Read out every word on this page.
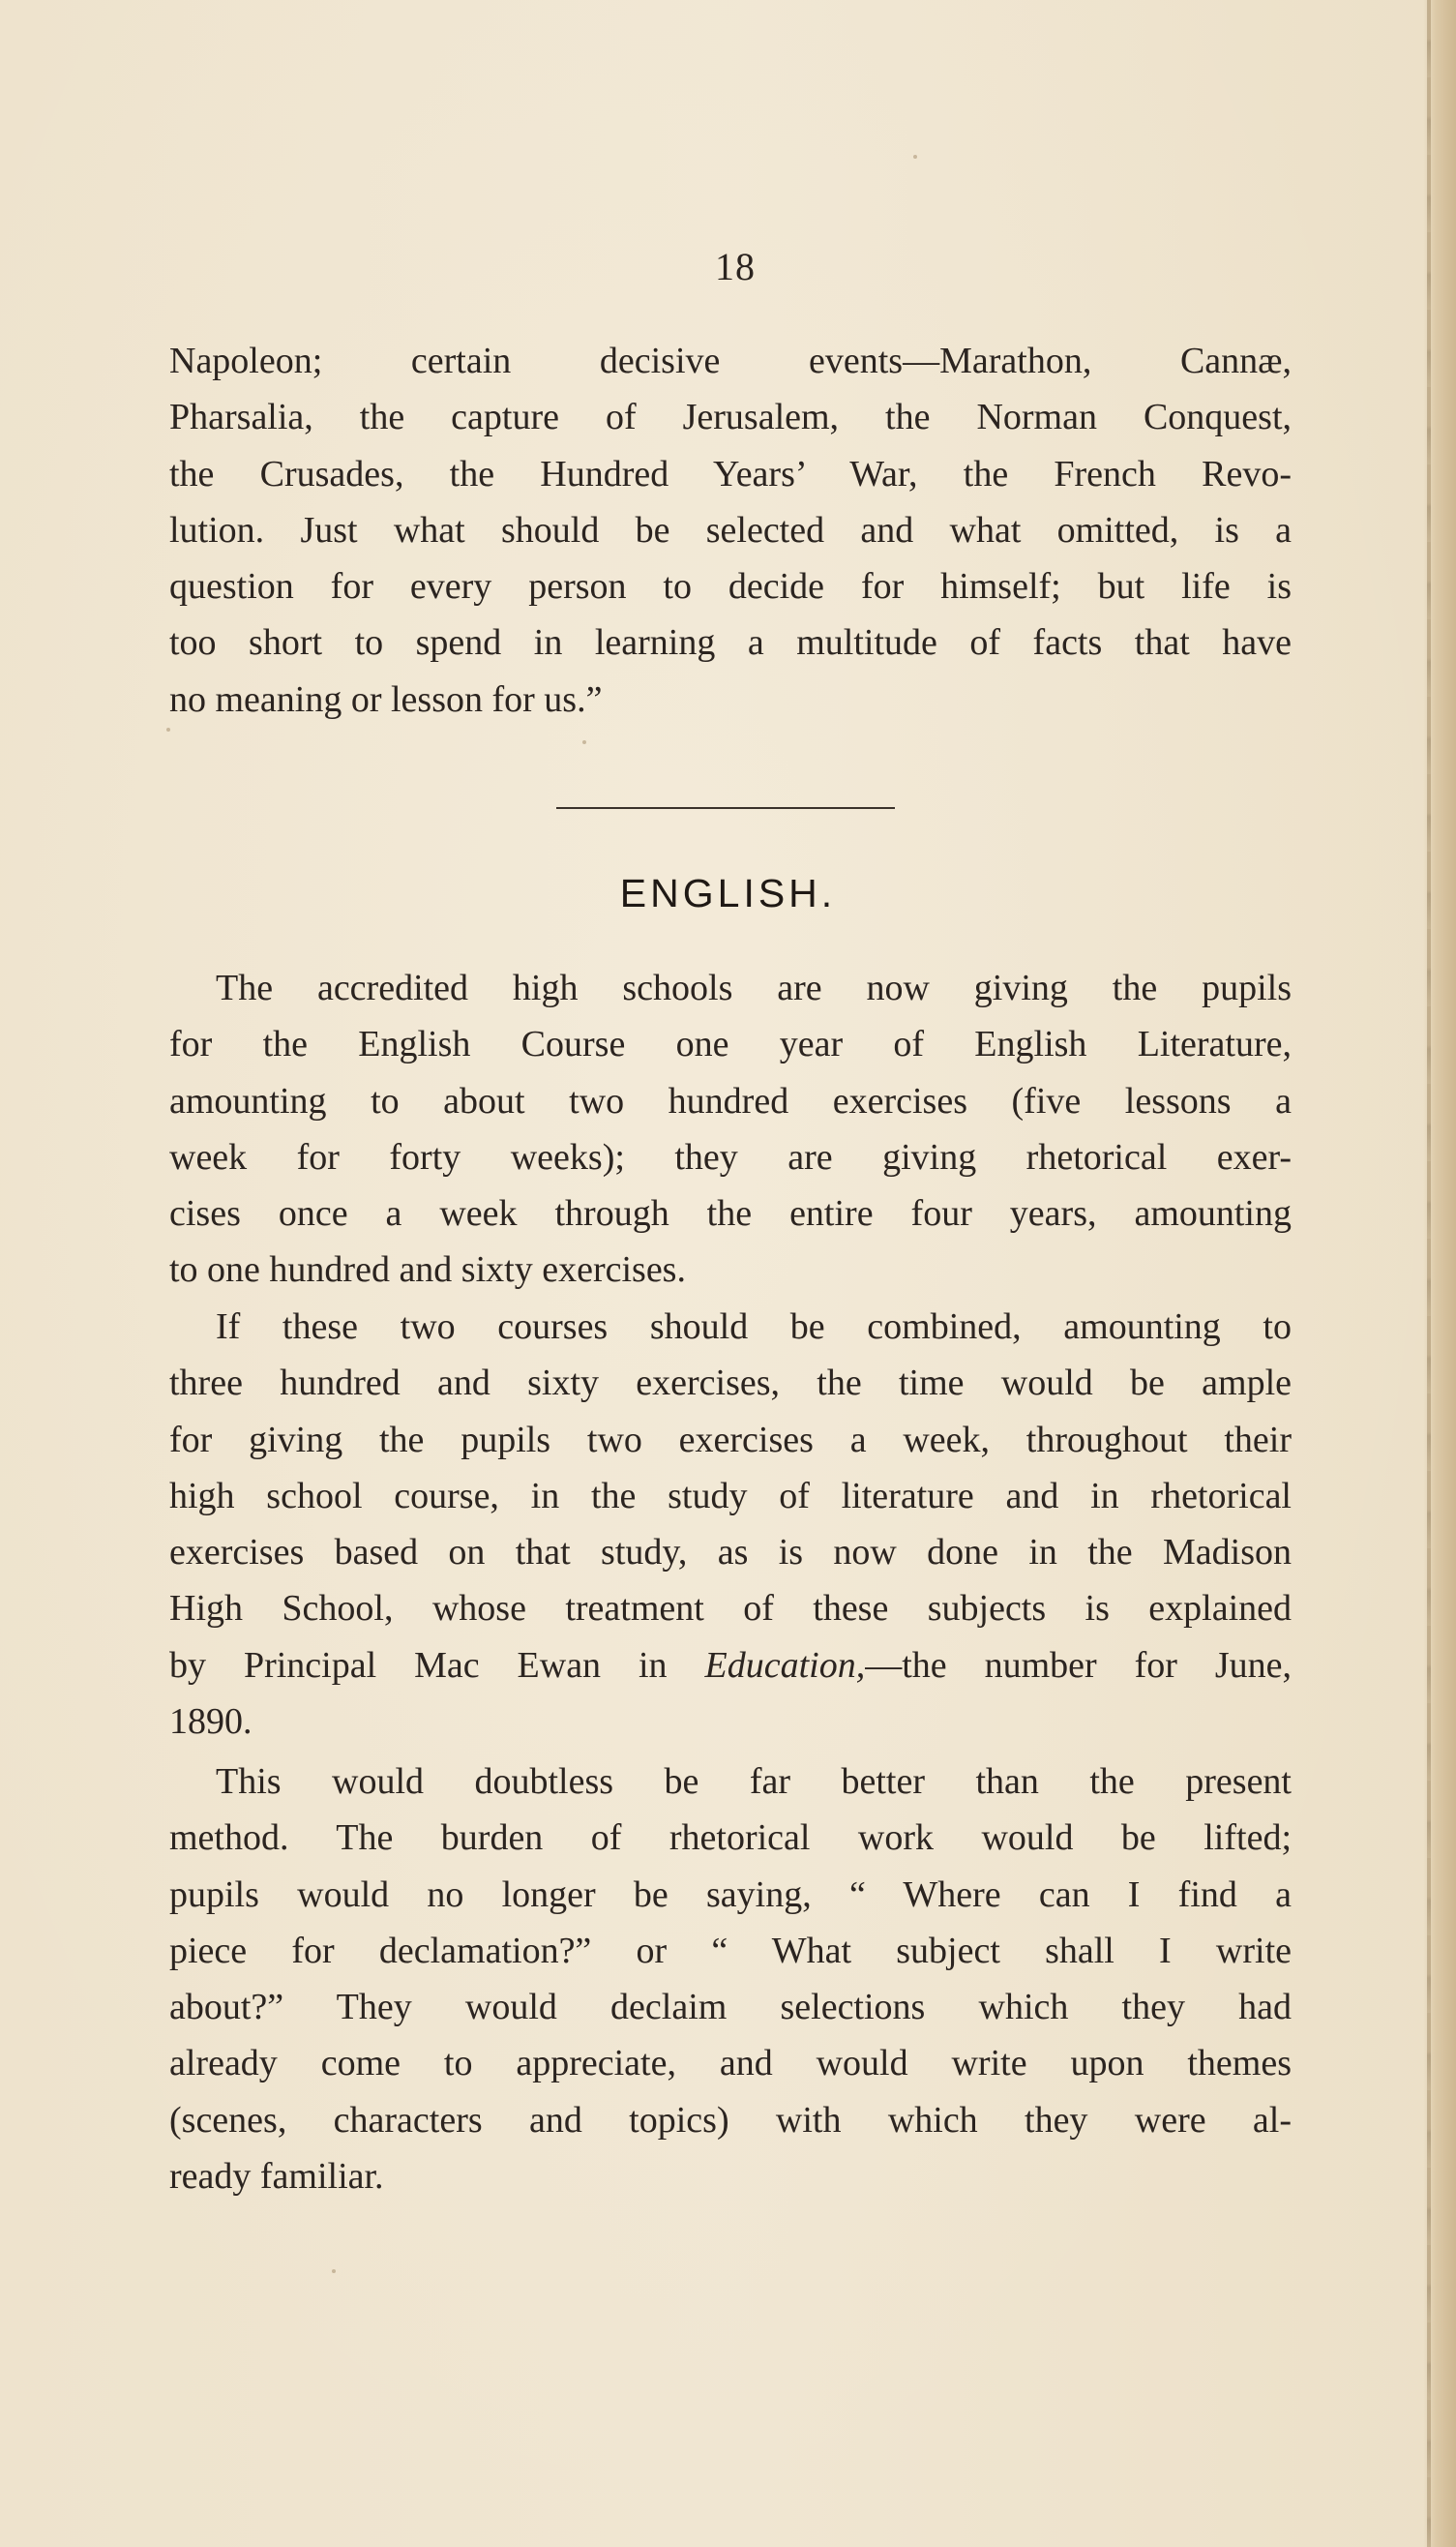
18
Napoleon; certain decisive events—Marathon, Cannæ,
Pharsalia, the capture of Jerusalem, the Norman Conquest,
the Crusades, the Hundred Years’ War, the French Revo-
lution. Just what should be selected and what omitted, is a
question for every person to decide for himself; but life is
too short to spend in learning a multitude of facts that have
no meaning or lesson for us.”
ENGLISH.
The accredited high schools are now giving the pupils
for the English Course one year of English Literature,
amounting to about two hundred exercises (five lessons a
week for forty weeks); they are giving rhetorical exer-
cises once a week through the entire four years, amounting
to one hundred and sixty exercises.
If these two courses should be combined, amounting to
three hundred and sixty exercises, the time would be ample
for giving the pupils two exercises a week, throughout their
high school course, in the study of literature and in rhetorical
exercises based on that study, as is now done in the Madison
High School, whose treatment of these subjects is explained
by Principal Mac Ewan in Education,—the number for June,
1890.
This would doubtless be far better than the present
method. The burden of rhetorical work would be lifted;
pupils would no longer be saying, “ Where can I find a
piece for declamation?” or “ What subject shall I write
about?” They would declaim selections which they had
already come to appreciate, and would write upon themes
(scenes, characters and topics) with which they were al-
ready familiar.
